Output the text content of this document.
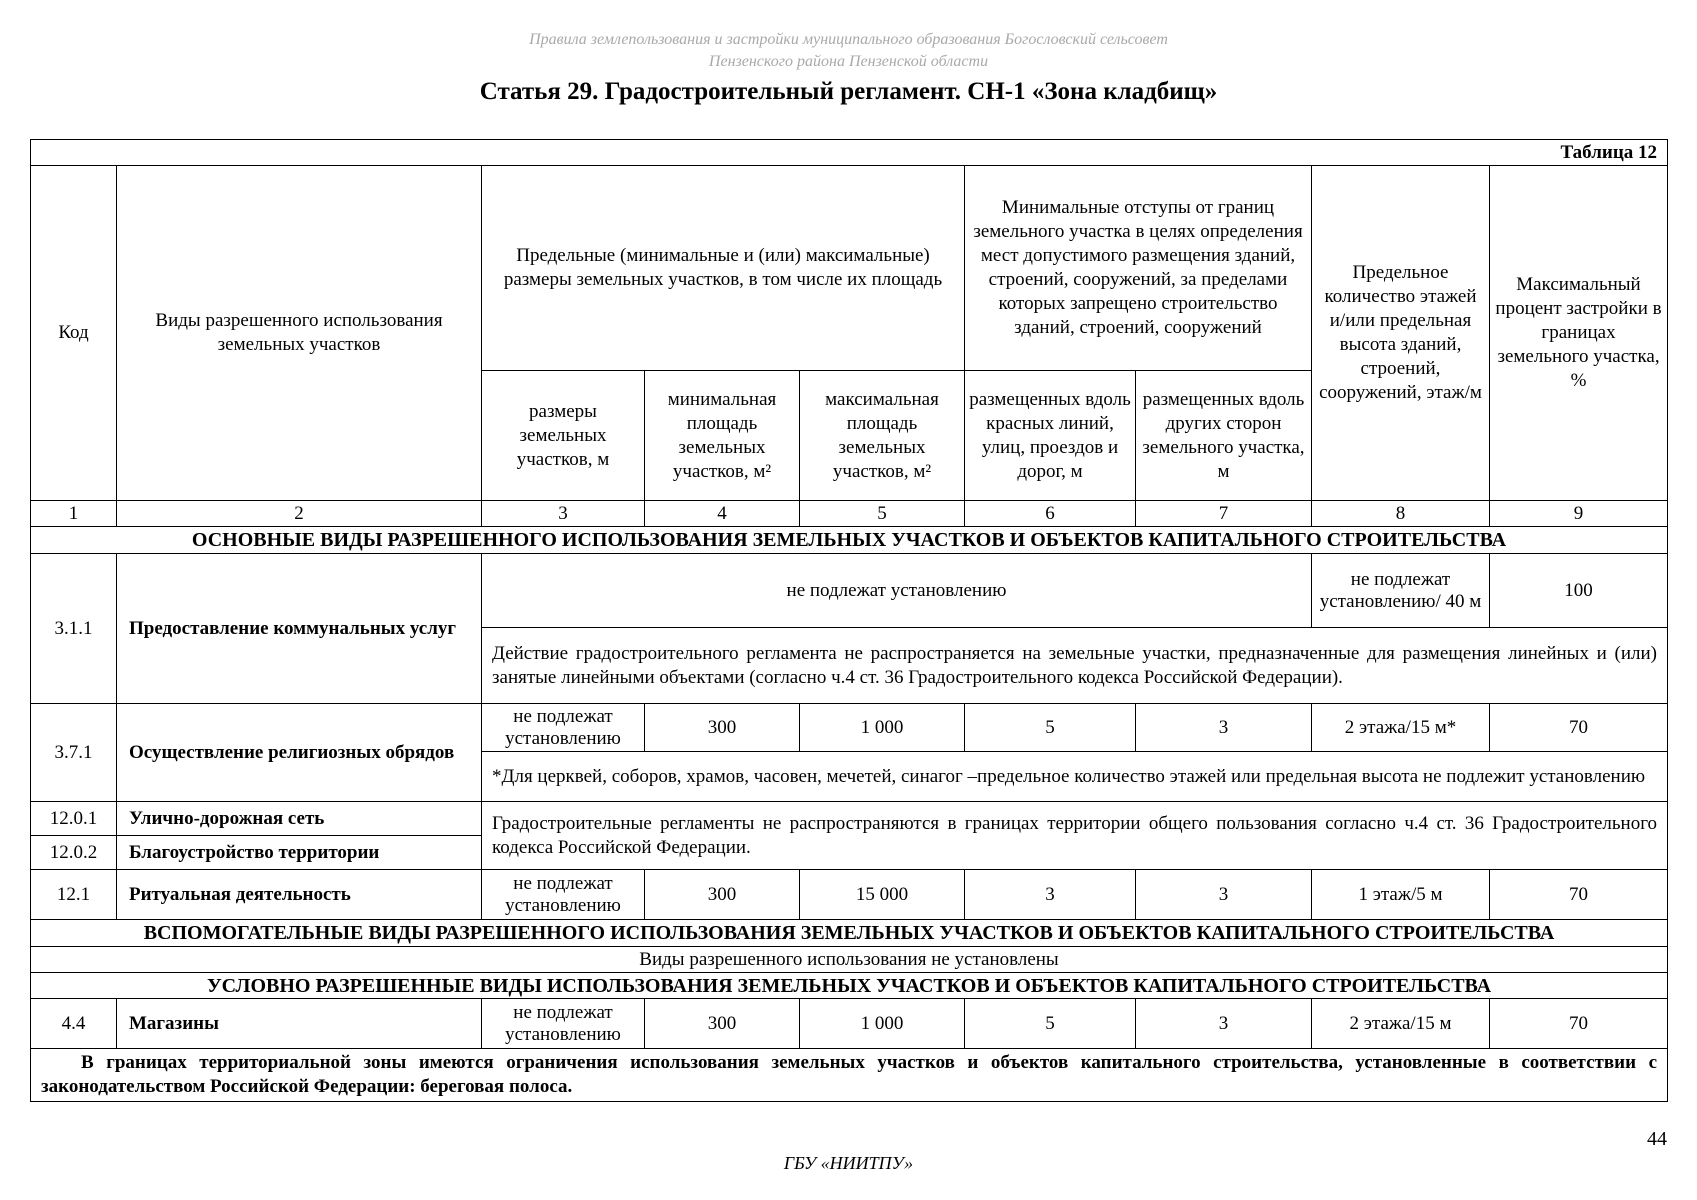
Правила землепользования и застройки муниципального образования Богословский сельсовет
Пензенского района Пензенской области
Статья 29. Градостроительный регламент. СН-1 «Зона кладбищ»
Таблица 12								
Код	Виды разрешенного использования земельных участков	Предельные (минимальные и (или) максимальные) размеры земельных участков, в том числе их площадь			Минимальные отступы от границ земельного участка в целях определения мест допустимого размещения зданий, строений, сооружений, за пределами которых запрещено строительство зданий, строений, сооружений		Предельное количество этажей и/или предельная высота зданий, строений, сооружений, этаж/м	Максимальный процент застройки в границах земельного участка, %
		размеры земельных участков, м	минимальная площадь земельных участков, м²	максимальная площадь земельных участков, м²	размещенных вдоль красных линий, улиц, проездов и дорог, м	размещенных вдоль других сторон земельного участка, м		
1	2	3	4	5	6	7	8	9
ОСНОВНЫЕ ВИДЫ РАЗРЕШЕННОГО ИСПОЛЬЗОВАНИЯ ЗЕМЕЛЬНЫХ УЧАСТКОВ И ОБЪЕКТОВ КАПИТАЛЬНОГО СТРОИТЕЛЬСТВА								
3.1.1	Предоставление коммунальных услуг	не подлежат установлению					не подлежат установлению/ 40 м	100
		Действие градостроительного регламента не распространяется на земельные участки, предназначенные для размещения линейных и (или) занятые линейными объектами (согласно ч.4 ст. 36 Градостроительного кодекса Российской Федерации).						
3.7.1	Осуществление религиозных обрядов	не подлежат установлению	300	1 000	5	3	2 этажа/15 м*	70
		*Для церквей, соборов, храмов, часовен, мечетей, синагог –предельное количество этажей или предельная высота не подлежит установлению						
12.0.1	Улично-дорожная сеть	Градостроительные регламенты не распространяются в границах территории общего пользования согласно ч.4 ст. 36 Градостроительного кодекса Российской Федерации.						
12.0.2	Благоустройство территории							
12.1	Ритуальная деятельность	не подлежат установлению	300	15 000	3	3	1 этаж/5 м	70
ВСПОМОГАТЕЛЬНЫЕ ВИДЫ РАЗРЕШЕННОГО ИСПОЛЬЗОВАНИЯ ЗЕМЕЛЬНЫХ УЧАСТКОВ И ОБЪЕКТОВ КАПИТАЛЬНОГО СТРОИТЕЛЬСТВА								
Виды разрешенного использования не установлены								
УСЛОВНО РАЗРЕШЕННЫЕ ВИДЫ ИСПОЛЬЗОВАНИЯ ЗЕМЕЛЬНЫХ УЧАСТКОВ И ОБЪЕКТОВ КАПИТАЛЬНОГО СТРОИТЕЛЬСТВА								
4.4	Магазины	не подлежат установлению	300	1 000	5	3	2 этажа/15 м	70
В границах территориальной зоны имеются ограничения использования земельных участков и объектов капитального строительства, установленные в соответствии с законодательством Российской Федерации: береговая полоса.								
44
ГБУ «НИИТПУ»
